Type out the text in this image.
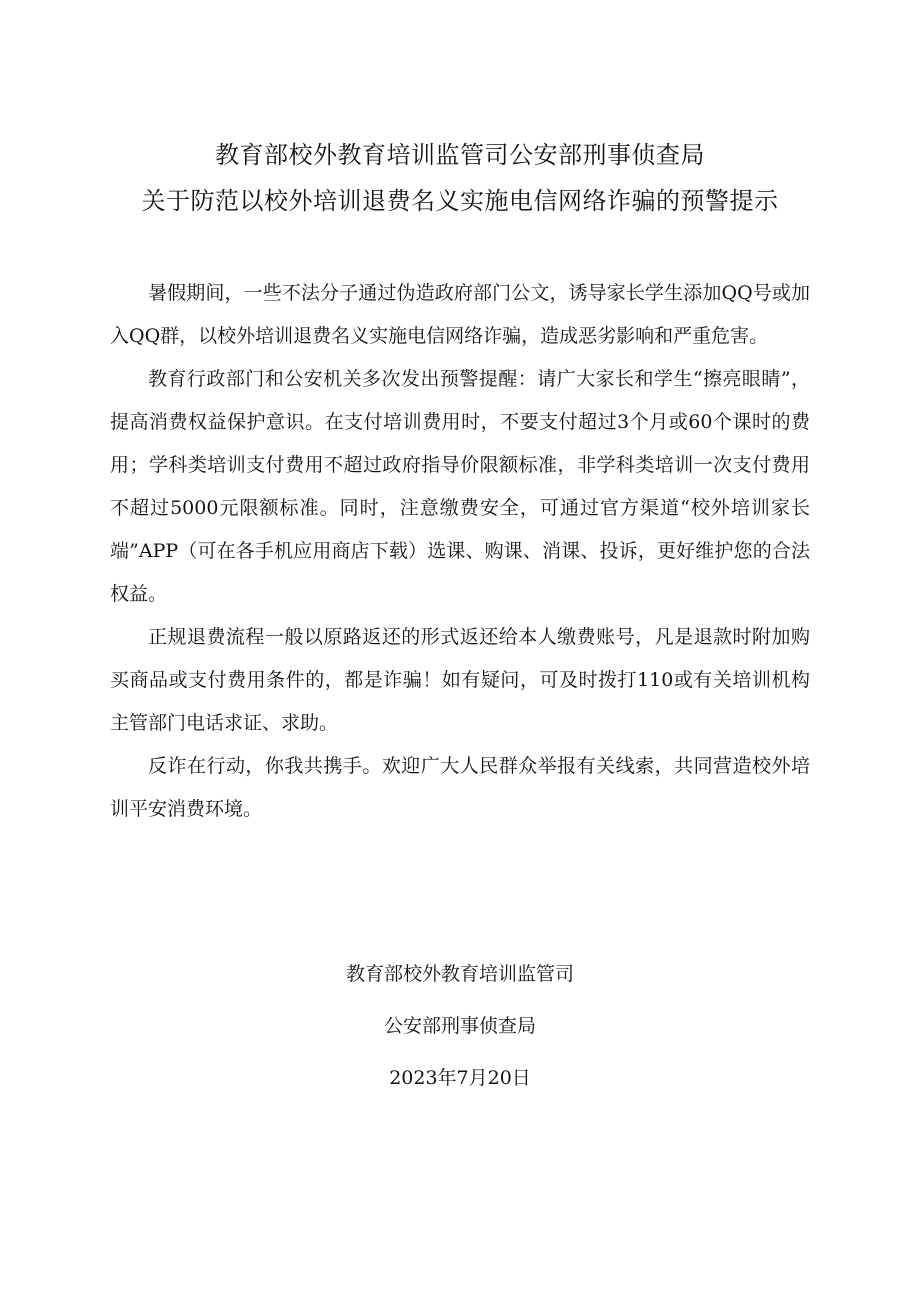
教育部校外教育培训监管司公安部刑事侦查局
关于防范以校外培训退费名义实施电信网络诈骗的预警提示

暑假期间，一些不法分子通过伪造政府部门公文，诱导家长学生添加QQ号或加入QQ群，以校外培训退费名义实施电信网络诈骗，造成恶劣影响和严重危害。

教育行政部门和公安机关多次发出预警提醒：请广大家长和学生“擦亮眼睛”，提高消费权益保护意识。在支付培训费用时，不要支付超过3个月或60个课时的费用；学科类培训支付费用不超过政府指导价限额标准，非学科类培训一次支付费用不超过5000元限额标准。同时，注意缴费安全，可通过官方渠道“校外培训家长端”APP（可在各手机应用商店下载）选课、购课、消课、投诉，更好维护您的合法权益。

正规退费流程一般以原路返还的形式返还给本人缴费账号，凡是退款时附加购买商品或支付费用条件的，都是诈骗！如有疑问，可及时拨打110或有关培训机构主管部门电话求证、求助。

反诈在行动，你我共携手。欢迎广大人民群众举报有关线索，共同营造校外培训平安消费环境。

教育部校外教育培训监管司
公安部刑事侦查局
2023年7月20日
